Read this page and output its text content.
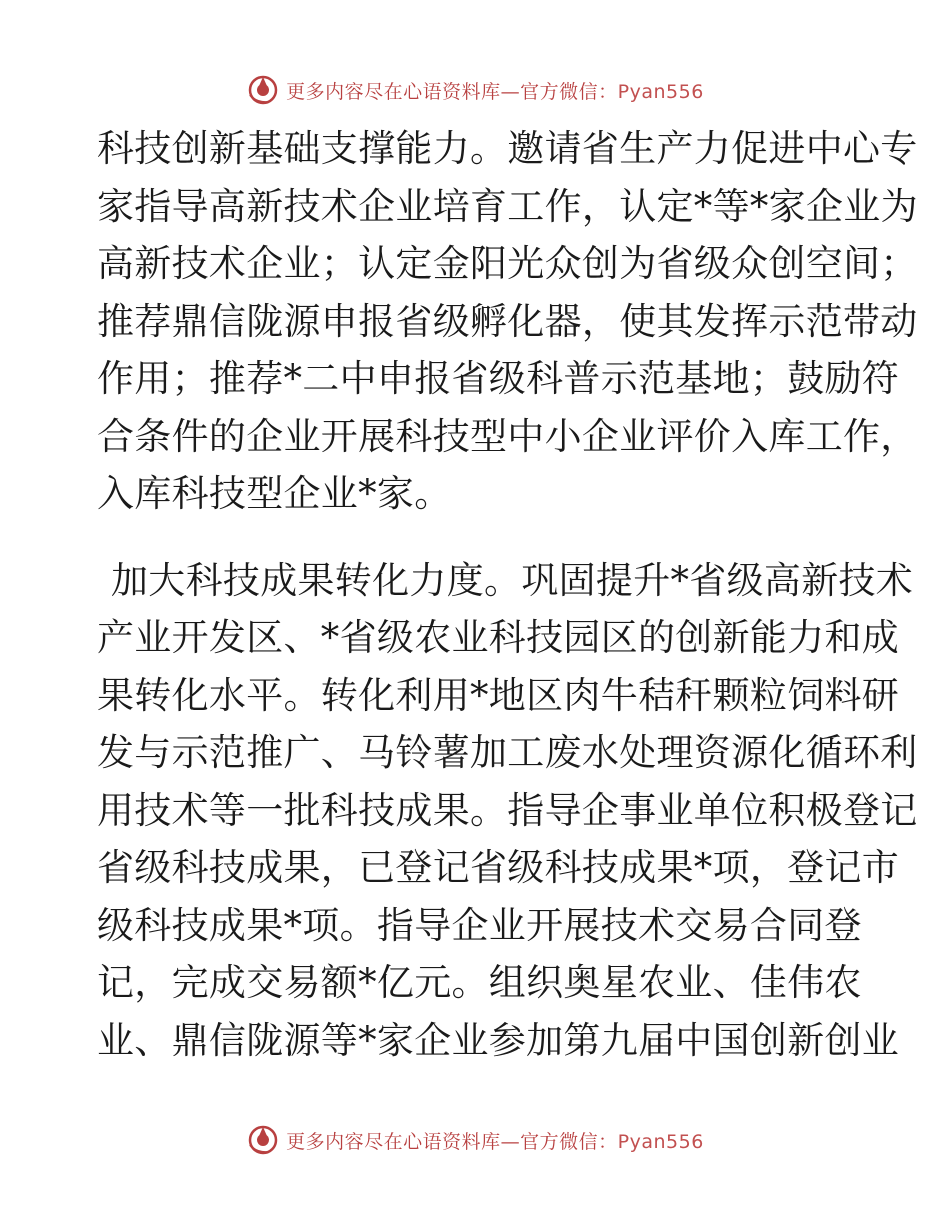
更多内容尽在心语资料库—官方微信：Pyan556
科技创新基础支撑能力。邀请省生产力促进中心专
家指导高新技术企业培育工作，认定*等*家企业为
高新技术企业；认定金阳光众创为省级众创空间；
推荐鼎信陇源申报省级孵化器，使其发挥示范带动
作用；推荐*二中申报省级科普示范基地；鼓励符
合条件的企业开展科技型中小企业评价入库工作，
入库科技型企业*家。
加大科技成果转化力度。巩固提升*省级高新技术
产业开发区、*省级农业科技园区的创新能力和成
果转化水平。转化利用*地区肉牛秸秆颗粒饲料研
发与示范推广、马铃薯加工废水处理资源化循环利
用技术等一批科技成果。指导企事业单位积极登记
省级科技成果，已登记省级科技成果*项，登记市
级科技成果*项。指导企业开展技术交易合同登
记，完成交易额*亿元。组织奥星农业、佳伟农
业、鼎信陇源等*家企业参加第九届中国创新创业
更多内容尽在心语资料库—官方微信：Pyan556
